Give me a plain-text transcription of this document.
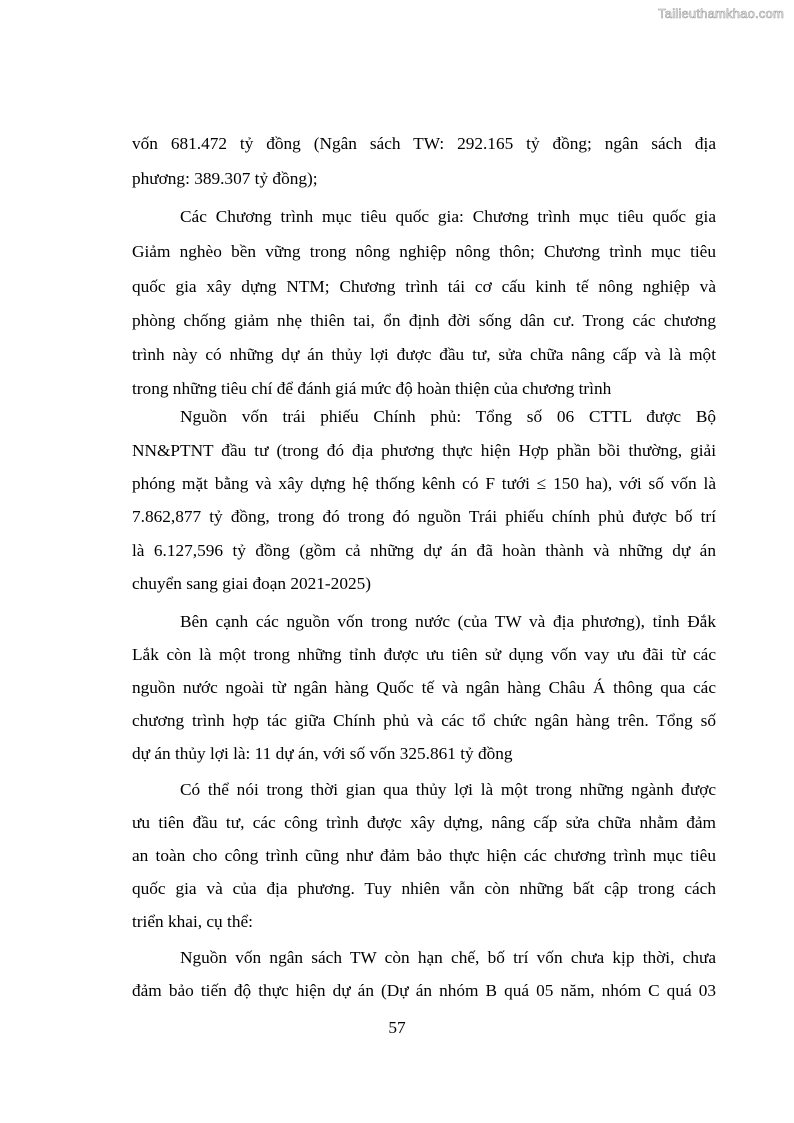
Tailieuthamkhao.com
vốn 681.472 tỷ đồng (Ngân sách TW: 292.165 tỷ đồng; ngân sách địa
phương: 389.307 tỷ đồng);
Các Chương trình mục tiêu quốc gia: Chương trình mục tiêu quốc gia
Giảm nghèo bền vững trong nông nghiệp nông thôn; Chương trình mục tiêu
quốc gia xây dựng NTM; Chương trình tái cơ cấu kinh tế nông nghiệp và
phòng chống giảm nhẹ thiên tai, ổn định đời sống dân cư. Trong các chương
trình này có những dự án thủy lợi được đầu tư, sửa chữa nâng cấp và là một
trong những tiêu chí để đánh giá mức độ hoàn thiện của chương trình
Nguồn vốn trái phiếu Chính phủ: Tổng số 06 CTTL được Bộ
NN&PTNT đầu tư (trong đó địa phương thực hiện Hợp phần bồi thường, giải
phóng mặt bằng và xây dựng hệ thống kênh có F tưới ≤ 150 ha), với số vốn là
7.862,877 tỷ đồng, trong đó trong đó nguồn Trái phiếu chính phủ được bố trí
là 6.127,596 tỷ đồng (gồm cả những dự án đã hoàn thành và những dự án
chuyển sang giai đoạn 2021-2025)
Bên cạnh các nguồn vốn trong nước (của TW và địa phương), tỉnh Đắk
Lắk còn là một trong những tỉnh được ưu tiên sử dụng vốn vay ưu đãi từ các
nguồn nước ngoài từ ngân hàng Quốc tế và ngân hàng Châu Á thông qua các
chương trình hợp tác giữa Chính phủ và các tổ chức ngân hàng trên. Tổng số
dự án thủy lợi là: 11 dự án, với số vốn 325.861 tỷ đồng
Có thể nói trong thời gian qua thủy lợi là một trong những ngành được
ưu tiên đầu tư, các công trình được xây dựng, nâng cấp sửa chữa nhằm đảm
an toàn cho công trình cũng như đảm bảo thực hiện các chương trình mục tiêu
quốc gia và của địa phương. Tuy nhiên vẫn còn những bất cập trong cách
triển khai, cụ thể:
Nguồn vốn ngân sách TW còn hạn chế, bố trí vốn chưa kịp thời, chưa
đảm bảo tiến độ thực hiện dự án (Dự án nhóm B quá 05 năm, nhóm C quá 03
57
